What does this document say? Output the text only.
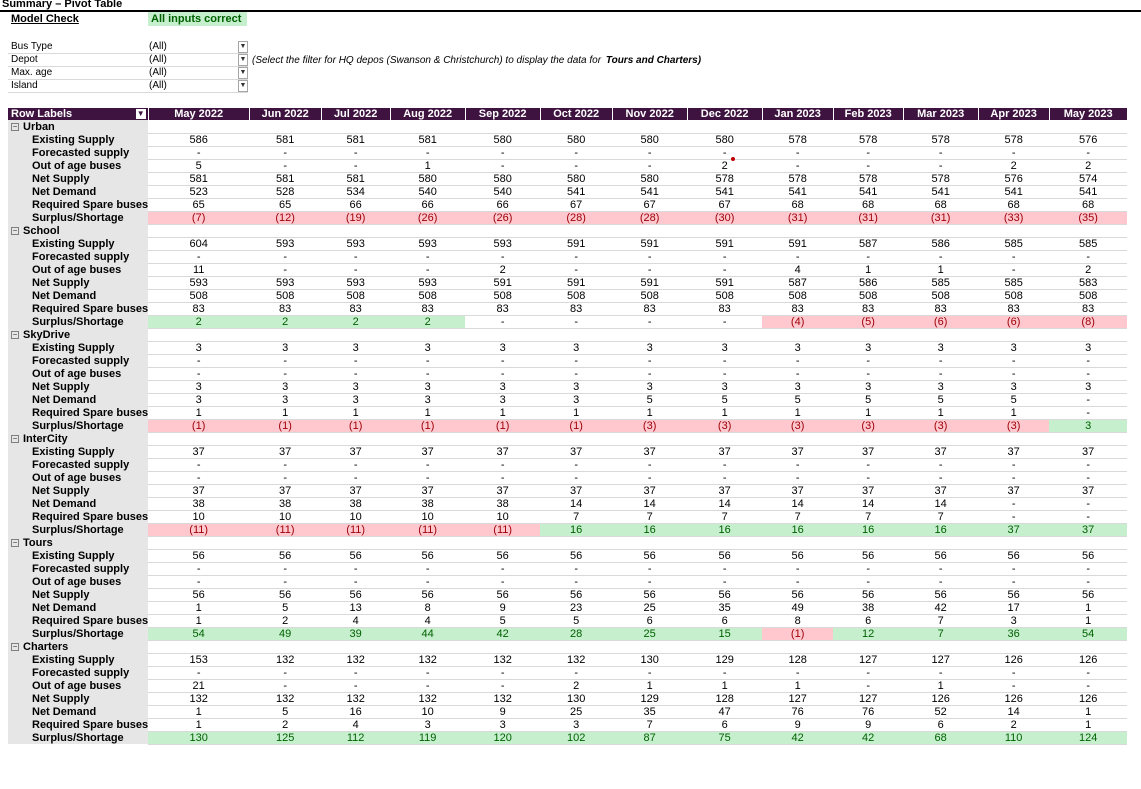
Summary – Pivot Table
Model Check	All inputs correct
Bus Type	(All)	▼
Depot	(All)	▼
Max. age	(All)	▼
Island	(All)	▼
(Select the filter for HQ depos (Swanson & Christchurch) to display the data for Tours and Charters)
Row Labels ▼	May 2022	Jun 2022	Jul 2022	Aug 2022	Sep 2022	Oct 2022	Nov 2022	Dec 2022	Jan 2023	Feb 2023	Mar 2023	Apr 2023	May 2023
− Urban													
Existing Supply	586	581	581	581	580	580	580	580	578	578	578	578	576
Forecasted supply	-	-	-	-	-	-	-	-	-	-	-	-	-
Out of age buses	5	-	-	1	-	-	-	2	-	-	-	2	2
Net Supply	581	581	581	580	580	580	580	578	578	578	578	576	574
Net Demand	523	528	534	540	540	541	541	541	541	541	541	541	541
Required Spare buses	65	65	66	66	66	67	67	67	68	68	68	68	68
Surplus/Shortage	(7)	(12)	(19)	(26)	(26)	(28)	(28)	(30)	(31)	(31)	(31)	(33)	(35)
− School													
Existing Supply	604	593	593	593	593	591	591	591	591	587	586	585	585
Forecasted supply	-	-	-	-	-	-	-	-	-	-	-	-	-
Out of age buses	11	-	-	-	2	-	-	-	4	1	1	-	2
Net Supply	593	593	593	593	591	591	591	591	587	586	585	585	583
Net Demand	508	508	508	508	508	508	508	508	508	508	508	508	508
Required Spare buses	83	83	83	83	83	83	83	83	83	83	83	83	83
Surplus/Shortage	2	2	2	2	-	-	-	-	(4)	(5)	(6)	(6)	(8)
− SkyDrive													
Existing Supply	3	3	3	3	3	3	3	3	3	3	3	3	3
Forecasted supply	-	-	-	-	-	-	-	-	-	-	-	-	-
Out of age buses	-	-	-	-	-	-	-	-	-	-	-	-	-
Net Supply	3	3	3	3	3	3	3	3	3	3	3	3	3
Net Demand	3	3	3	3	3	3	5	5	5	5	5	5	-
Required Spare buses	1	1	1	1	1	1	1	1	1	1	1	1	-
Surplus/Shortage	(1)	(1)	(1)	(1)	(1)	(1)	(3)	(3)	(3)	(3)	(3)	(3)	3
− InterCity													
Existing Supply	37	37	37	37	37	37	37	37	37	37	37	37	37
Forecasted supply	-	-	-	-	-	-	-	-	-	-	-	-	-
Out of age buses	-	-	-	-	-	-	-	-	-	-	-	-	-
Net Supply	37	37	37	37	37	37	37	37	37	37	37	37	37
Net Demand	38	38	38	38	38	14	14	14	14	14	14	-	-
Required Spare buses	10	10	10	10	10	7	7	7	7	7	7	-	-
Surplus/Shortage	(11)	(11)	(11)	(11)	(11)	16	16	16	16	16	16	37	37
− Tours													
Existing Supply	56	56	56	56	56	56	56	56	56	56	56	56	56
Forecasted supply	-	-	-	-	-	-	-	-	-	-	-	-	-
Out of age buses	-	-	-	-	-	-	-	-	-	-	-	-	-
Net Supply	56	56	56	56	56	56	56	56	56	56	56	56	56
Net Demand	1	5	13	8	9	23	25	35	49	38	42	17	1
Required Spare buses	1	2	4	4	5	5	6	6	8	6	7	3	1
Surplus/Shortage	54	49	39	44	42	28	25	15	(1)	12	7	36	54
− Charters													
Existing Supply	153	132	132	132	132	132	130	129	128	127	127	126	126
Forecasted supply	-	-	-	-	-	-	-	-	-	-	-	-	-
Out of age buses	21	-	-	-	-	2	1	1	1	-	1	-	-
Net Supply	132	132	132	132	132	130	129	128	127	127	126	126	126
Net Demand	1	5	16	10	9	25	35	47	76	76	52	14	1
Required Spare buses	1	2	4	3	3	3	7	6	9	9	6	2	1
Surplus/Shortage	130	125	112	119	120	102	87	75	42	42	68	110	124
